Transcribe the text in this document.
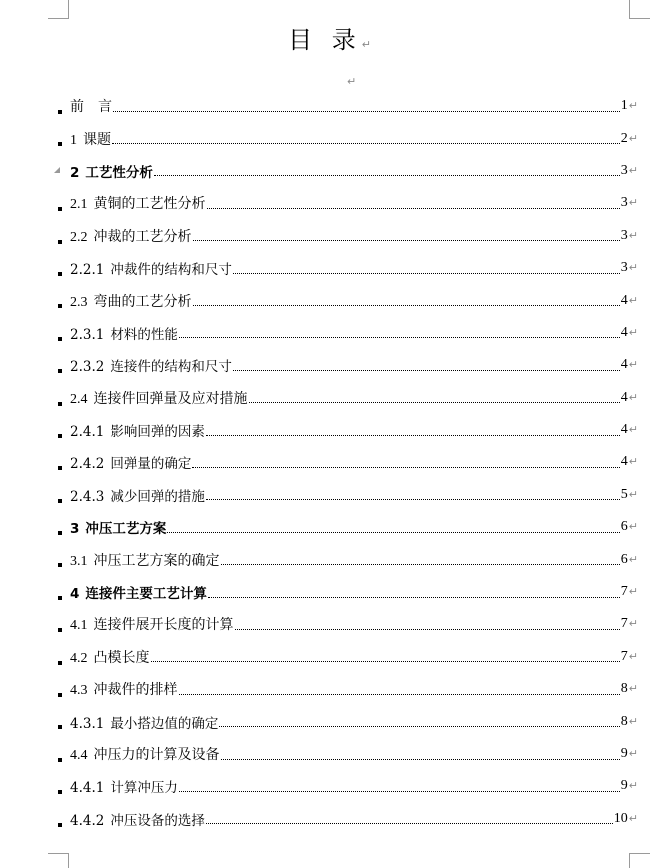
目 录↵
↵
前　言	1↵
1 课题	2↵
2 工艺性分析	3↵
2.1 黄铜的工艺性分析	3↵
2.2 冲裁的工艺分析	3↵
2.2.1 冲裁件的结构和尺寸	3↵
2.3 弯曲的工艺分析	4↵
2.3.1 材料的性能	4↵
2.3.2 连接件的结构和尺寸	4↵
2.4 连接件回弹量及应对措施	4↵
2.4.1 影响回弹的因素	4↵
2.4.2 回弹量的确定	4↵
2.4.3 减少回弹的措施	5↵
3 冲压工艺方案	6↵
3.1 冲压工艺方案的确定	6↵
4 连接件主要工艺计算	7↵
4.1 连接件展开长度的计算	7↵
4.2 凸模长度	7↵
4.3 冲裁件的排样	8↵
4.3.1 最小搭边值的确定	8↵
4.4 冲压力的计算及设备	9↵
4.4.1 计算冲压力	9↵
4.4.2 冲压设备的选择	10↵
